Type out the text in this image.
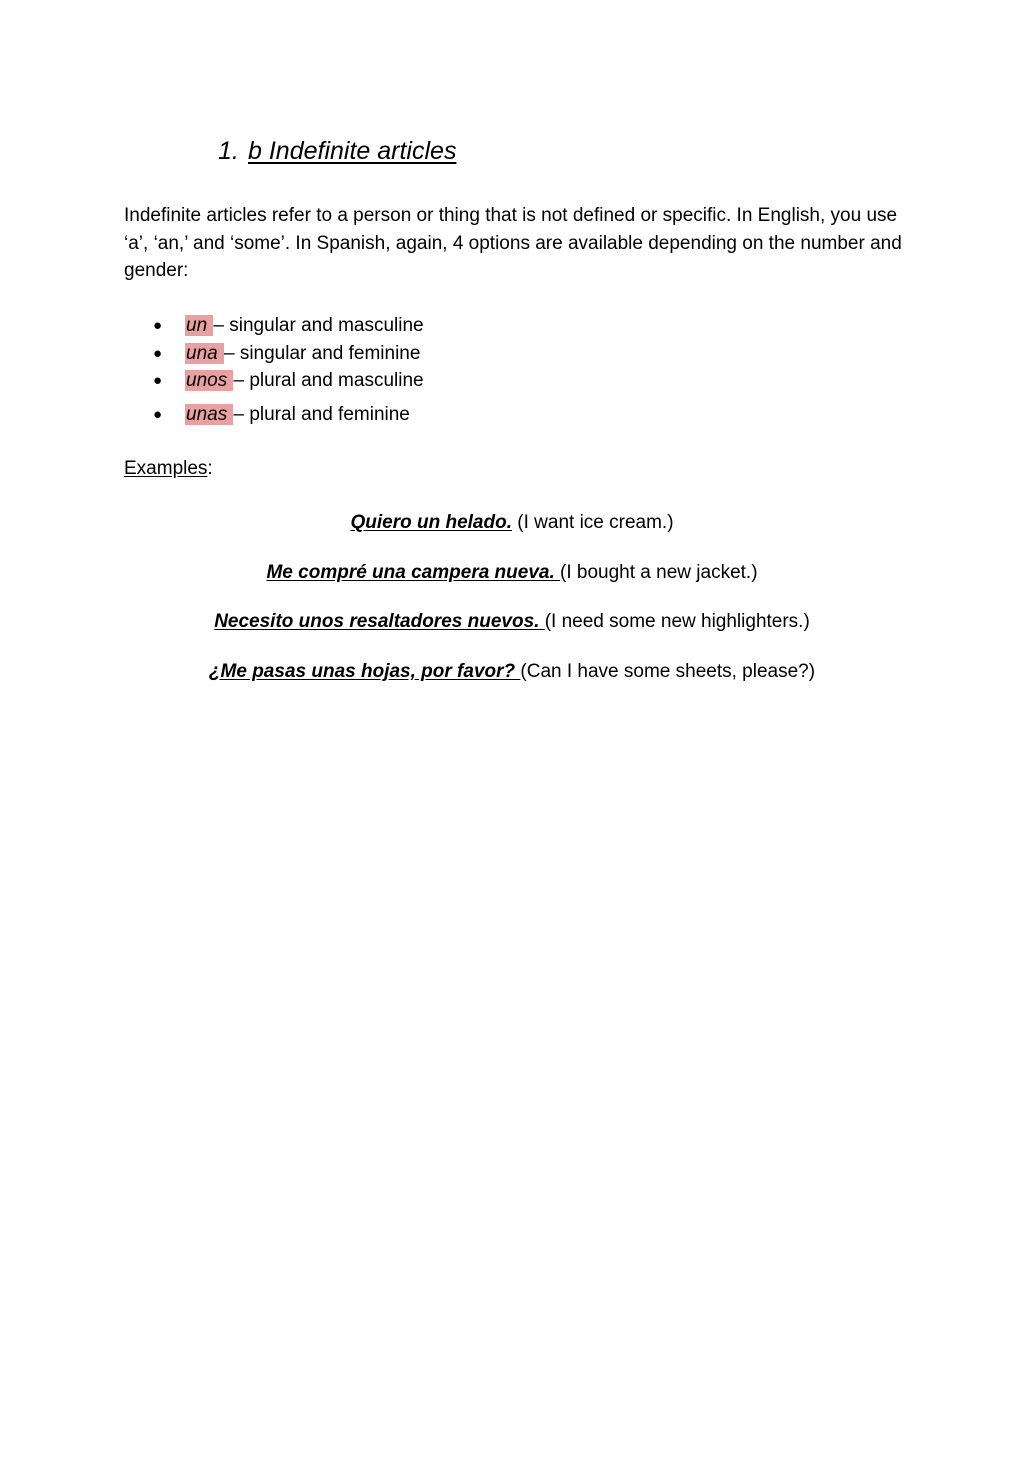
1. b Indefinite articles
Indefinite articles refer to a person or thing that is not defined or specific. In English, you use ‘a’, ‘an,’ and ‘some’. In Spanish, again, 4 options are available depending on the number and gender:
● un – singular and masculine
● una – singular and feminine
● unos – plural and masculine
● unas – plural and feminine
Examples:
Quiero un helado. (I want ice cream.)
Me compré una campera nueva. (I bought a new jacket.)
Necesito unos resaltadores nuevos. (I need some new highlighters.)
¿Me pasas unas hojas, por favor? (Can I have some sheets, please?)
